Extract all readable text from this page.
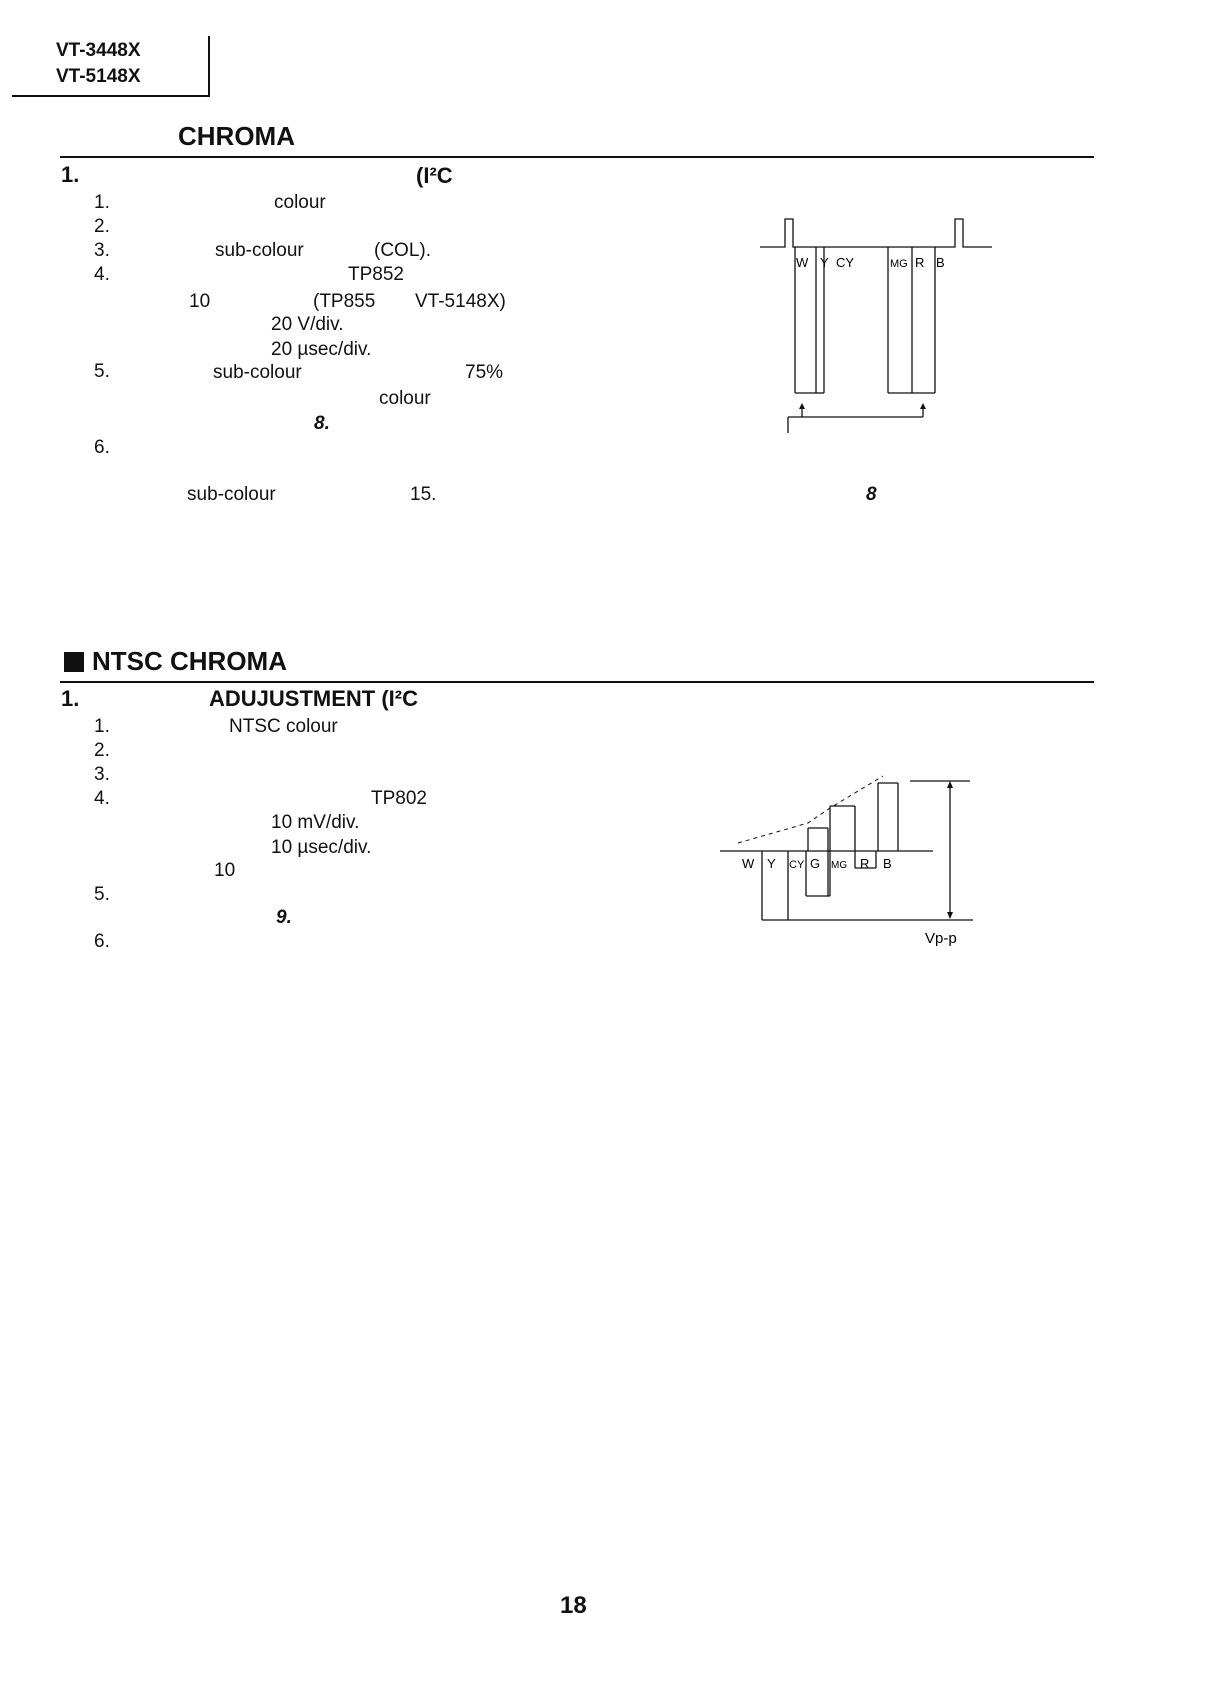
VT-3448X
VT-5148X
CHROMA
1.	(I²C
1.
2.
3.
4.
5.
6.
colour
sub-colour	(COL).
TP852
10	(TP855 VT-5148X)
20 V/div.
20 µsec/div.
sub-colour	75%
colour
8.
sub-colour	15.
W Y CY	MG R B
8
NTSC CHROMA
1.	ADUJUSTMENT (I²C
1.
2.
3.
4.
5.
6.
NTSC colour
TP802
10 mV/div.
10 µsec/div.
10
9.
W Y CY G MG R B
Vp-p
18
